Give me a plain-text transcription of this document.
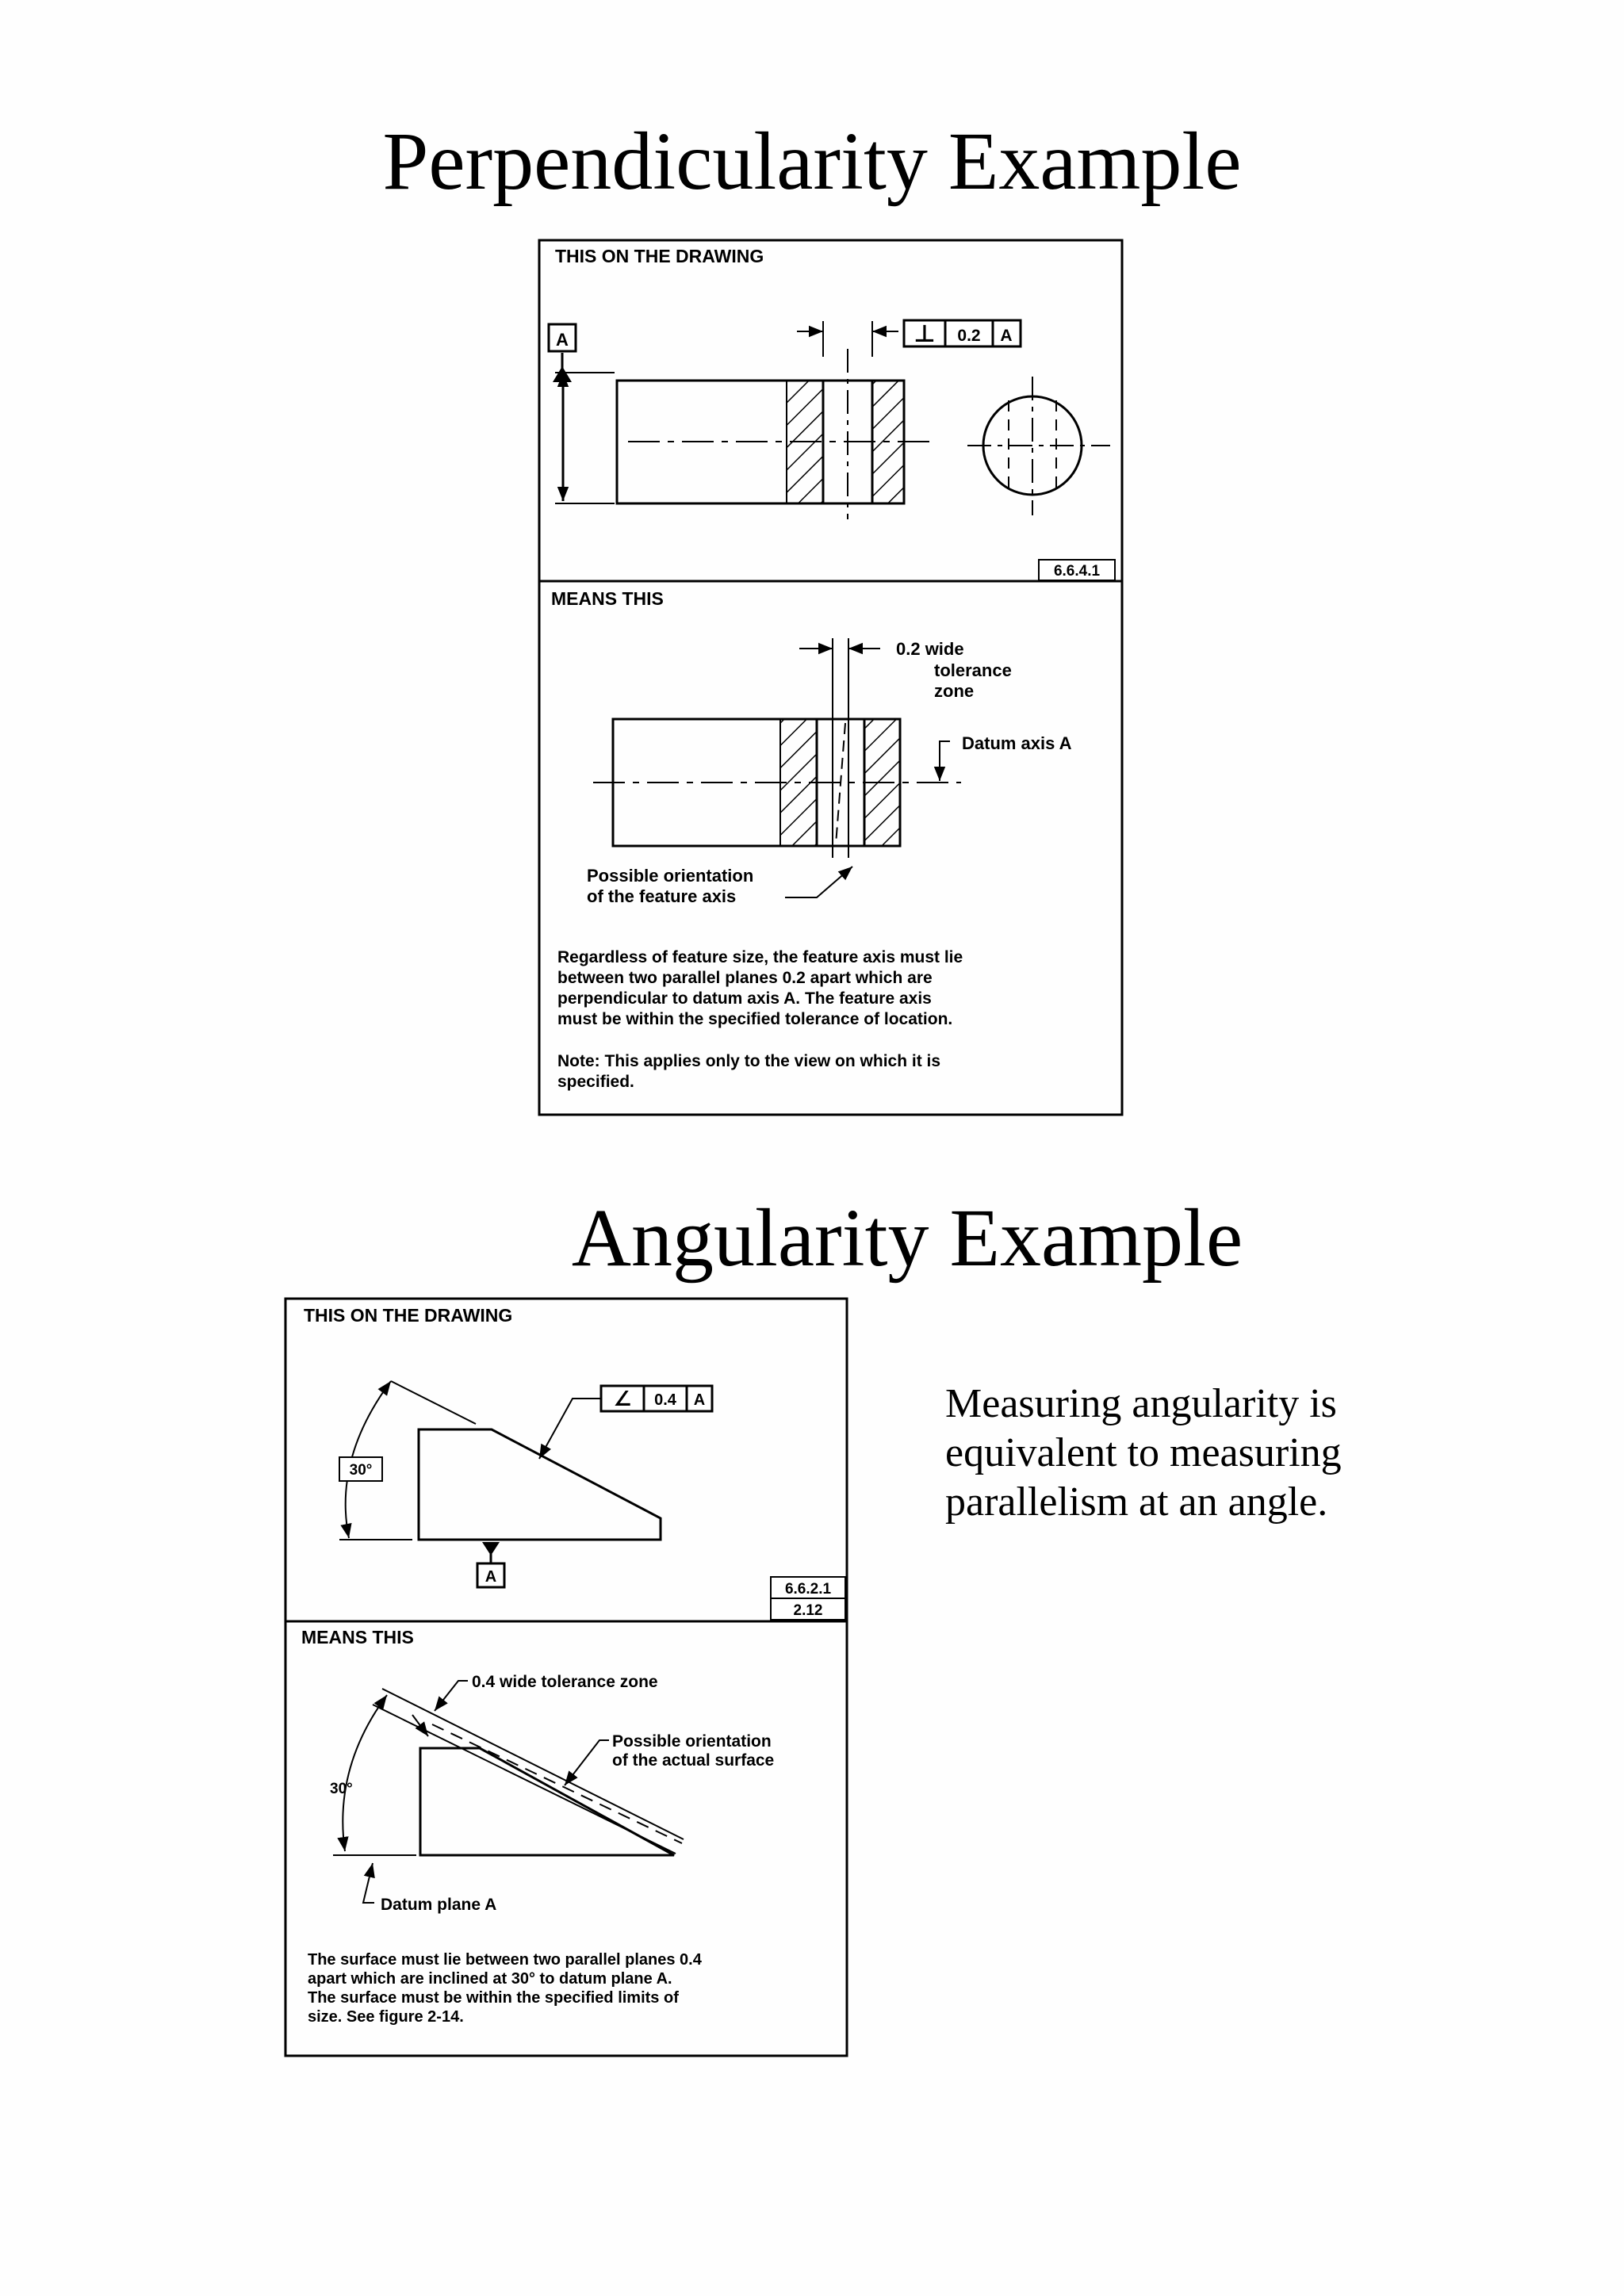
Perpendicularity Example
Angularity Example
THIS ON THE DRAWING
A	⊥ 0.2 A
6.6.4.1
MEANS THIS
0.2 wide
tolerance
zone
Datum axis A
Possible orientation
of the feature axis
Regardless of feature size, the feature axis must lie
between two parallel planes 0.2 apart which are
perpendicular to datum axis A. The feature axis
must be within the specified tolerance of location.
Note: This applies only to the view on which it is
specified.
THIS ON THE DRAWING
30°
∠ 0.4 A
A
6.6.2.1
2.12
MEANS THIS
0.4 wide tolerance zone
Possible orientation
of the actual surface
30°
Datum plane A
The surface must lie between two parallel planes 0.4
apart which are inclined at 30° to datum plane A.
The surface must be within the specified limits of
size. See figure 2-14.
Measuring angularity is equivalent to measuring parallelism at an angle.
